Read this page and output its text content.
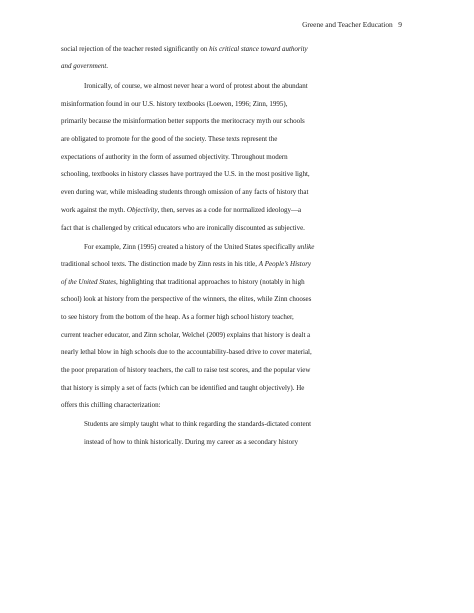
Greene and Teacher Education 9
social rejection of the teacher rested significantly on his critical stance toward authority
and government.
Ironically, of course, we almost never hear a word of protest about the abundant
misinformation found in our U.S. history textbooks (Loewen, 1996; Zinn, 1995),
primarily because the misinformation better supports the meritocracy myth our schools
are obligated to promote for the good of the society. These texts represent the
expectations of authority in the form of assumed objectivity. Throughout modern
schooling, textbooks in history classes have portrayed the U.S. in the most positive light,
even during war, while misleading students through omission of any facts of history that
work against the myth. Objectivity, then, serves as a code for normalized ideology—a
fact that is challenged by critical educators who are ironically discounted as subjective.
For example, Zinn (1995) created a history of the United States specifically unlike
traditional school texts. The distinction made by Zinn rests in his title, A People’s History
of the United States, highlighting that traditional approaches to history (notably in high
school) look at history from the perspective of the winners, the elites, while Zinn chooses
to see history from the bottom of the heap. As a former high school history teacher,
current teacher educator, and Zinn scholar, Welchel (2009) explains that history is dealt a
nearly lethal blow in high schools due to the accountability-based drive to cover material,
the poor preparation of history teachers, the call to raise test scores, and the popular view
that history is simply a set of facts (which can be identified and taught objectively). He
offers this chilling characterization:
Students are simply taught what to think regarding the standards-dictated content
instead of how to think historically. During my career as a secondary history
